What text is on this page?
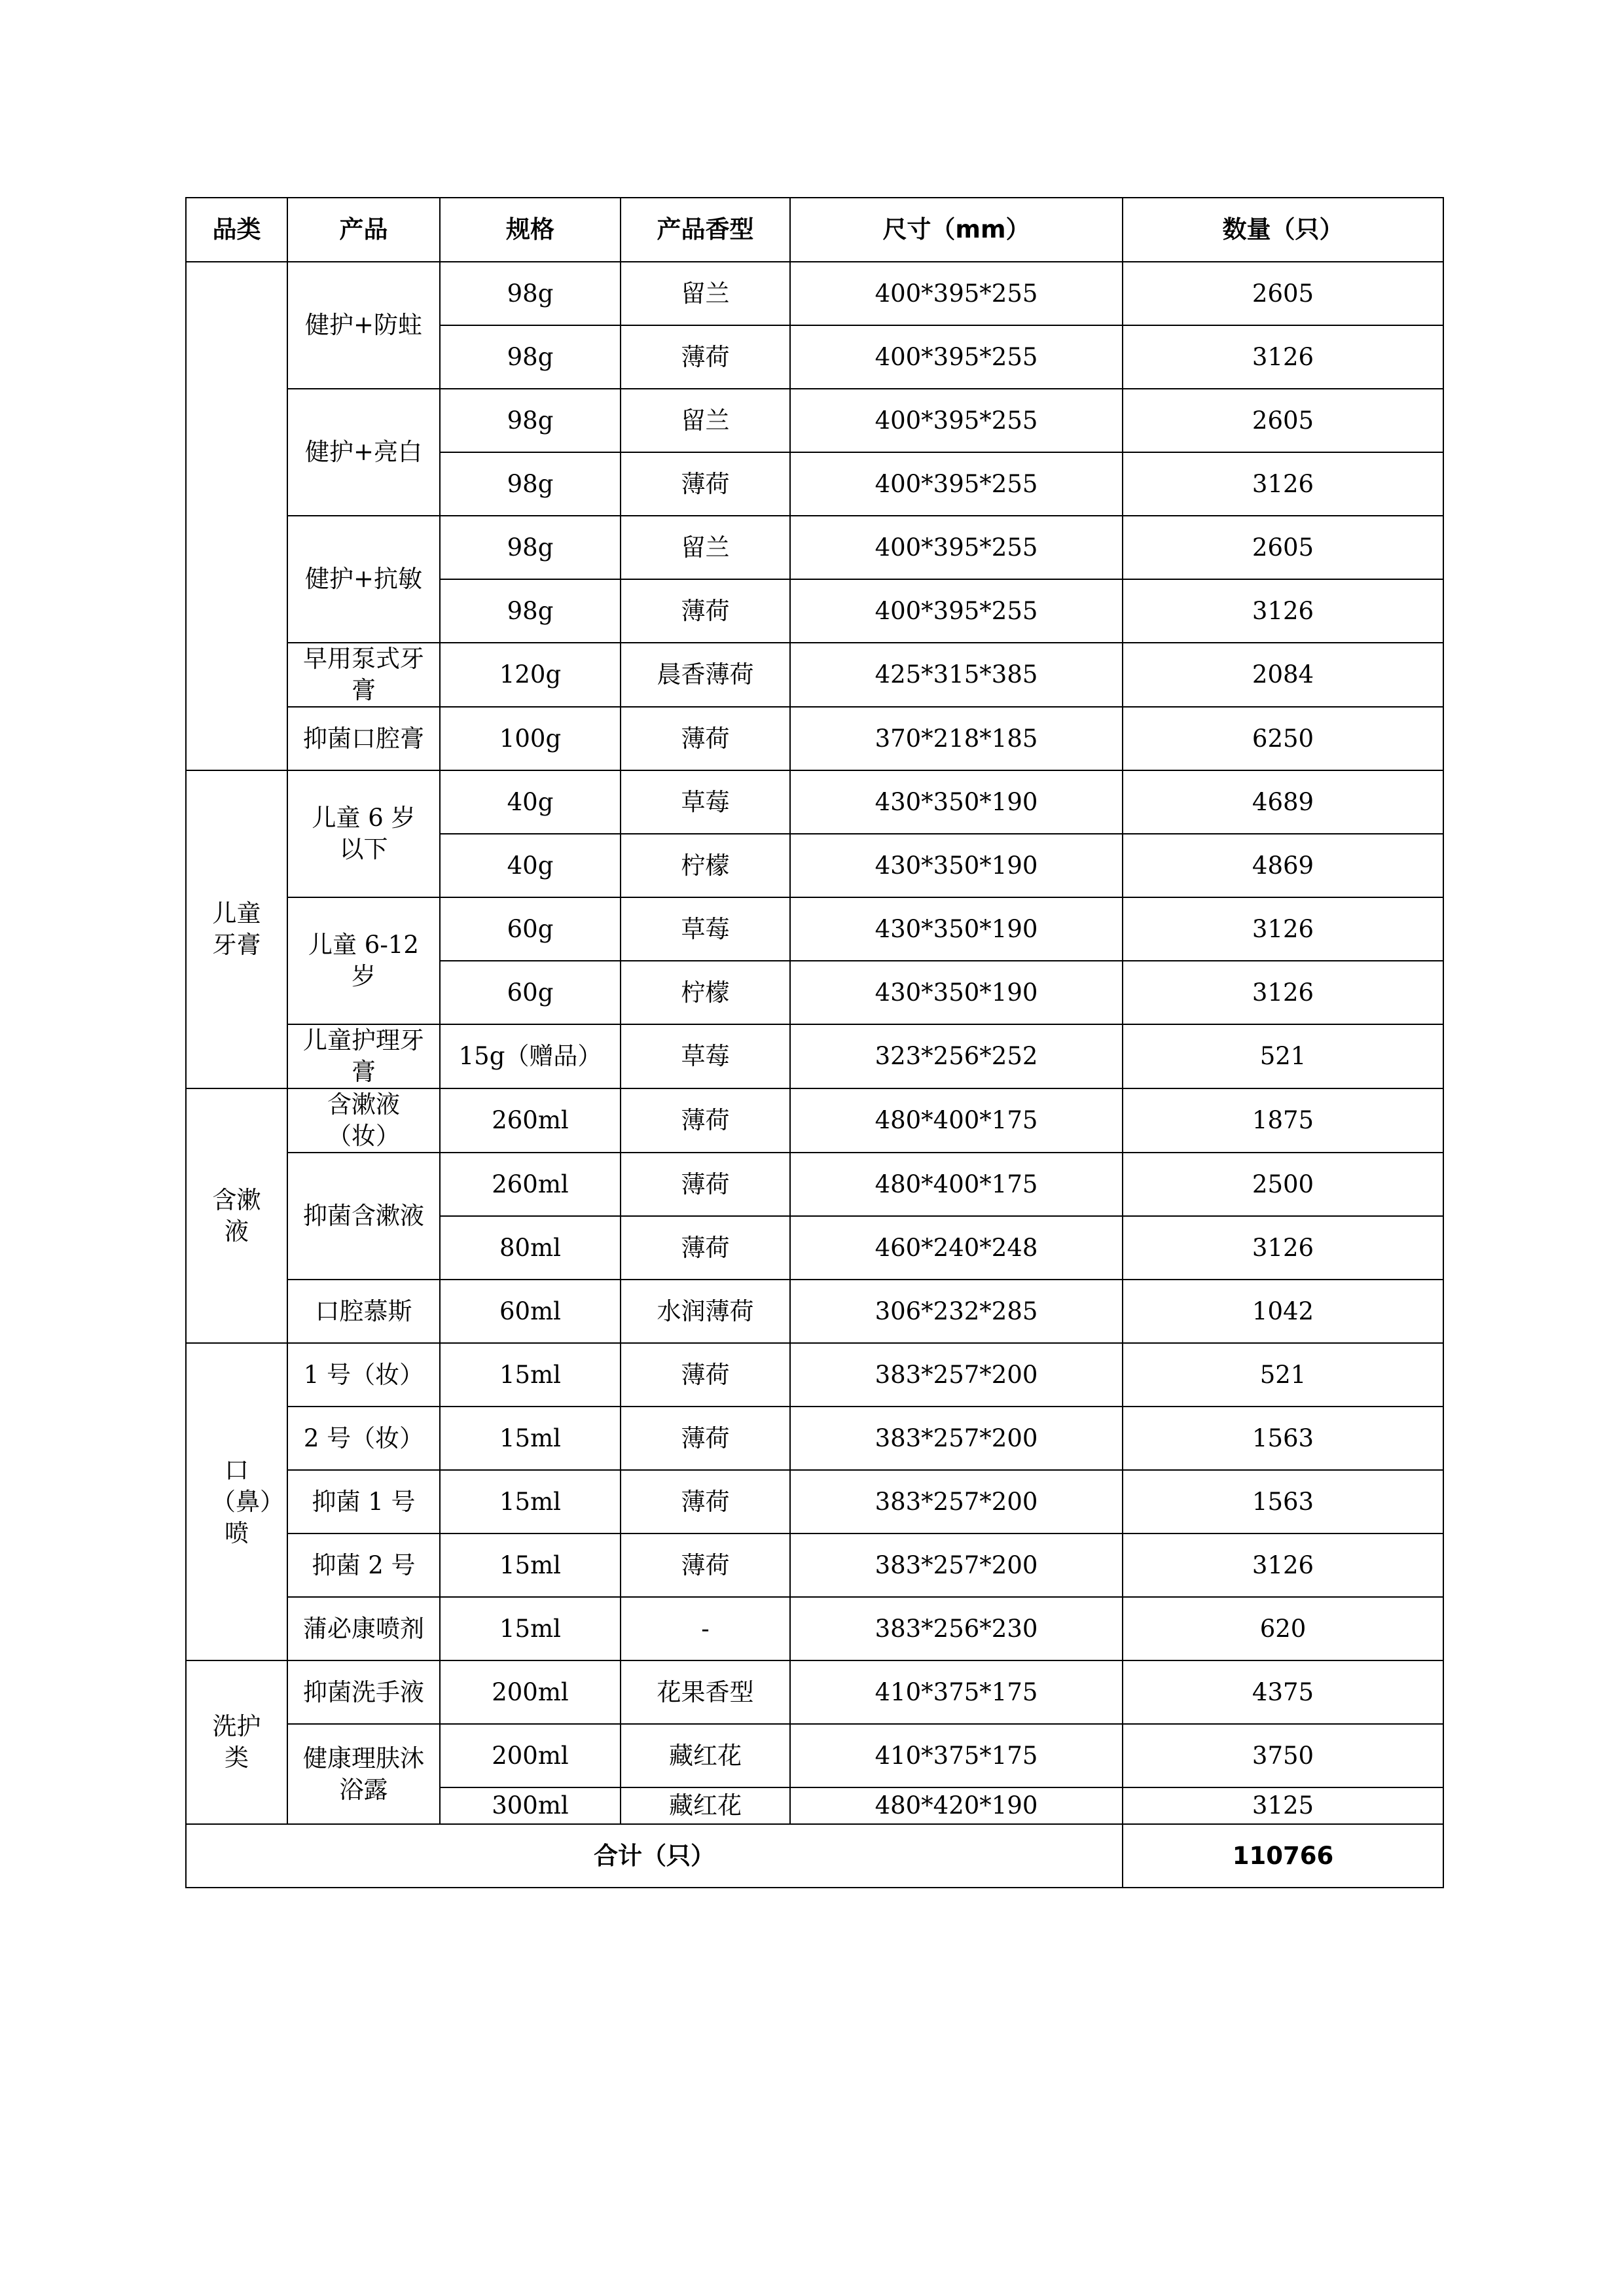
品类	产品	规格	产品香型	尺寸（mm）	数量（只）
	健护+防蛀	98g	留兰	400*395*255	2605
		98g	薄荷	400*395*255	3126
	健护+亮白	98g	留兰	400*395*255	2605
		98g	薄荷	400*395*255	3126
	健护+抗敏	98g	留兰	400*395*255	2605
		98g	薄荷	400*395*255	3126
	早用泵式牙膏	120g	晨香薄荷	425*315*385	2084
	抑菌口腔膏	100g	薄荷	370*218*185	6250
儿童牙膏	儿童 6 岁以下	40g	草莓	430*350*190	4689
		40g	柠檬	430*350*190	4869
	儿童 6-12 岁	60g	草莓	430*350*190	3126
		60g	柠檬	430*350*190	3126
	儿童护理牙膏	15g（赠品）	草莓	323*256*252	521
含漱液	含漱液（妆）	260ml	薄荷	480*400*175	1875
	抑菌含漱液	260ml	薄荷	480*400*175	2500
		80ml	薄荷	460*240*248	3126
	口腔慕斯	60ml	水润薄荷	306*232*285	1042
口（鼻）喷	1 号（妆）	15ml	薄荷	383*257*200	521
	2 号（妆）	15ml	薄荷	383*257*200	1563
	抑菌 1 号	15ml	薄荷	383*257*200	1563
	抑菌 2 号	15ml	薄荷	383*257*200	3126
	蒲必康喷剂	15ml	-	383*256*230	620
洗护类	抑菌洗手液	200ml	花果香型	410*375*175	4375
	健康理肤沐浴露	200ml	藏红花	410*375*175	3750
		300ml	藏红花	480*420*190	3125
合计（只）					110766
